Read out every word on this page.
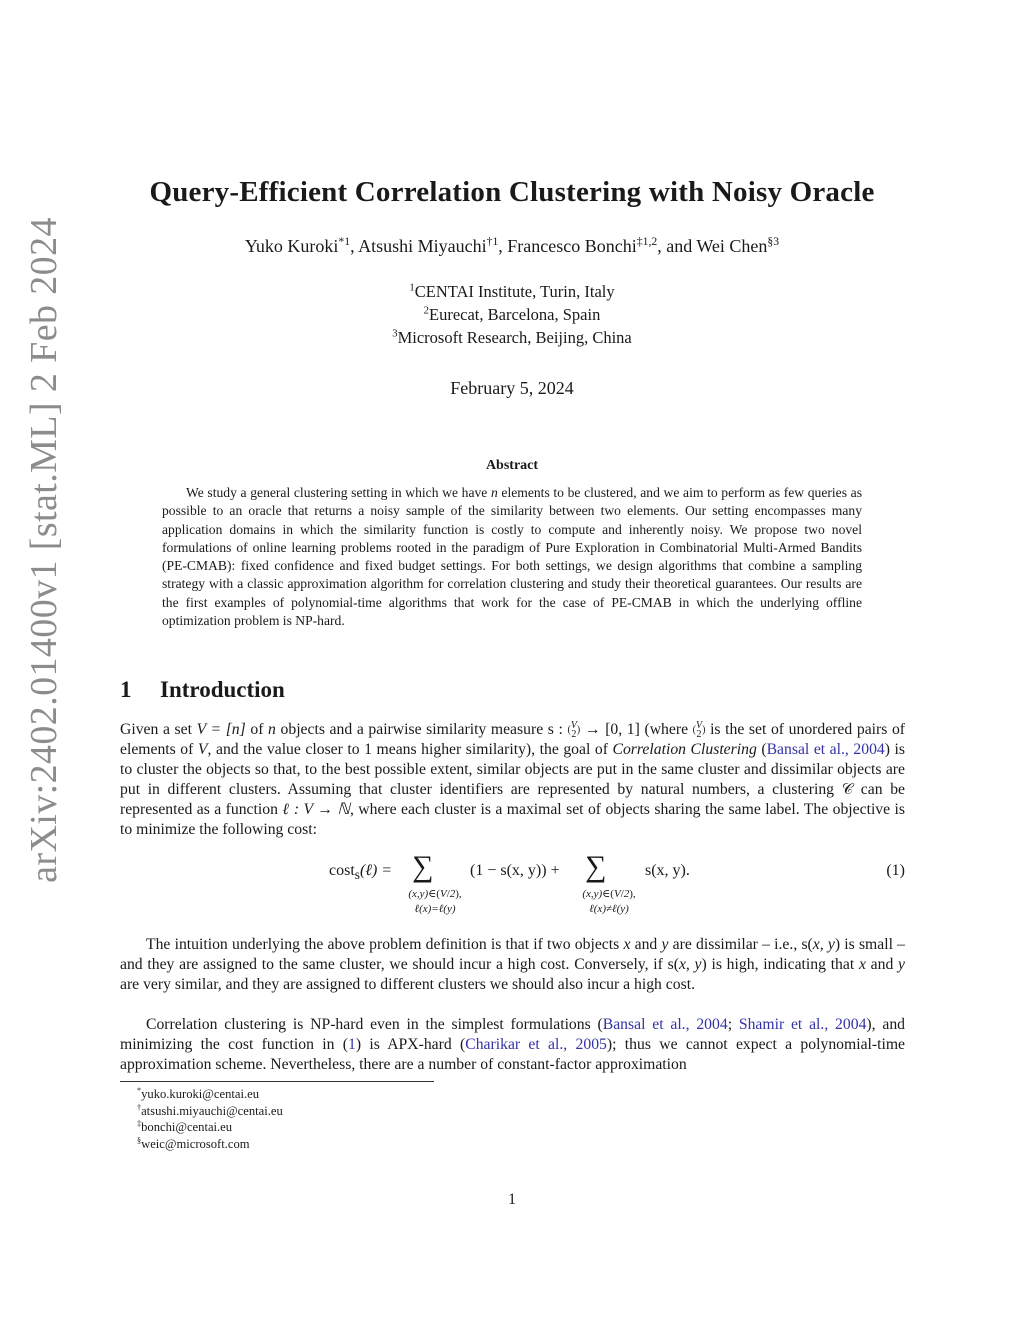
arXiv:2402.01400v1 [stat.ML] 2 Feb 2024
Query-Efficient Correlation Clustering with Noisy Oracle
Yuko Kuroki$^{*1}$, Atsushi Miyauchi$^{\dagger 1}$, Francesco Bonchi$^{\ddagger 1,2}$, and Wei Chen$^{\S 3}$
$^1$CENTAI Institute, Turin, Italy
$^2$Eurecat, Barcelona, Spain
$^3$Microsoft Research, Beijing, China
February 5, 2024
Abstract

We study a general clustering setting in which we have n elements to be clustered, and we aim to perform as few queries as possible to an oracle that returns a noisy sample of the similarity between two elements. Our setting encompasses many application domains in which the similarity function is costly to compute and inherently noisy. We propose two novel formulations of online learning problems rooted in the paradigm of Pure Exploration in Combinatorial Multi-Armed Bandits (PE-CMAB): fixed confidence and fixed budget settings. For both settings, we design algorithms that combine a sampling strategy with a classic approximation algorithm for correlation clustering and study their theoretical guarantees. Our results are the first examples of polynomial-time algorithms that work for the case of PE-CMAB in which the underlying offline optimization problem is NP-hard.

1 Introduction

Given a set V = [n] of n objects and a pairwise similarity measure s : (V
2) → [0, 1] (where (V
2) is the set of unordered pairs of elements of V, and the value closer to 1 means higher similarity), the goal of Correlation Clustering (Bansal et al., 2004) is to cluster the objects so that, to the best possible extent, similar objects are put in the same cluster and dissimilar objects are put in different clusters. Assuming that cluster identifiers are represented by natural numbers, a clustering 𝒞 can be represented as a function ℓ : V → ℕ, where each cluster is a maximal set of objects sharing the same label. The objective is to minimize the following cost:

cost$_s$(ℓ) = ∑
(x,y)∈(V/2),
ℓ(x)=ℓ(y)
(1 − s(x, y)) + ∑
(x,y)∈(V/2),
ℓ(x)≠ℓ(y)
s(x, y).	(1)

The intuition underlying the above problem definition is that if two objects x and y are dissimilar – i.e., s(x, y) is small – and they are assigned to the same cluster, we should incur a high cost. Conversely, if s(x, y) is high, indicating that x and y are very similar, and they are assigned to different clusters we should also incur a high cost.

Correlation clustering is NP-hard even in the simplest formulations (Bansal et al., 2004; Shamir et al., 2004), and minimizing the cost function in (1) is APX-hard (Charikar et al., 2005); thus we cannot expect a polynomial-time approximation scheme. Nevertheless, there are a number of constant-factor approximation

*yuko.kuroki@centai.eu
†atsushi.miyauchi@centai.eu
‡bonchi@centai.eu
§weic@microsoft.com
1
